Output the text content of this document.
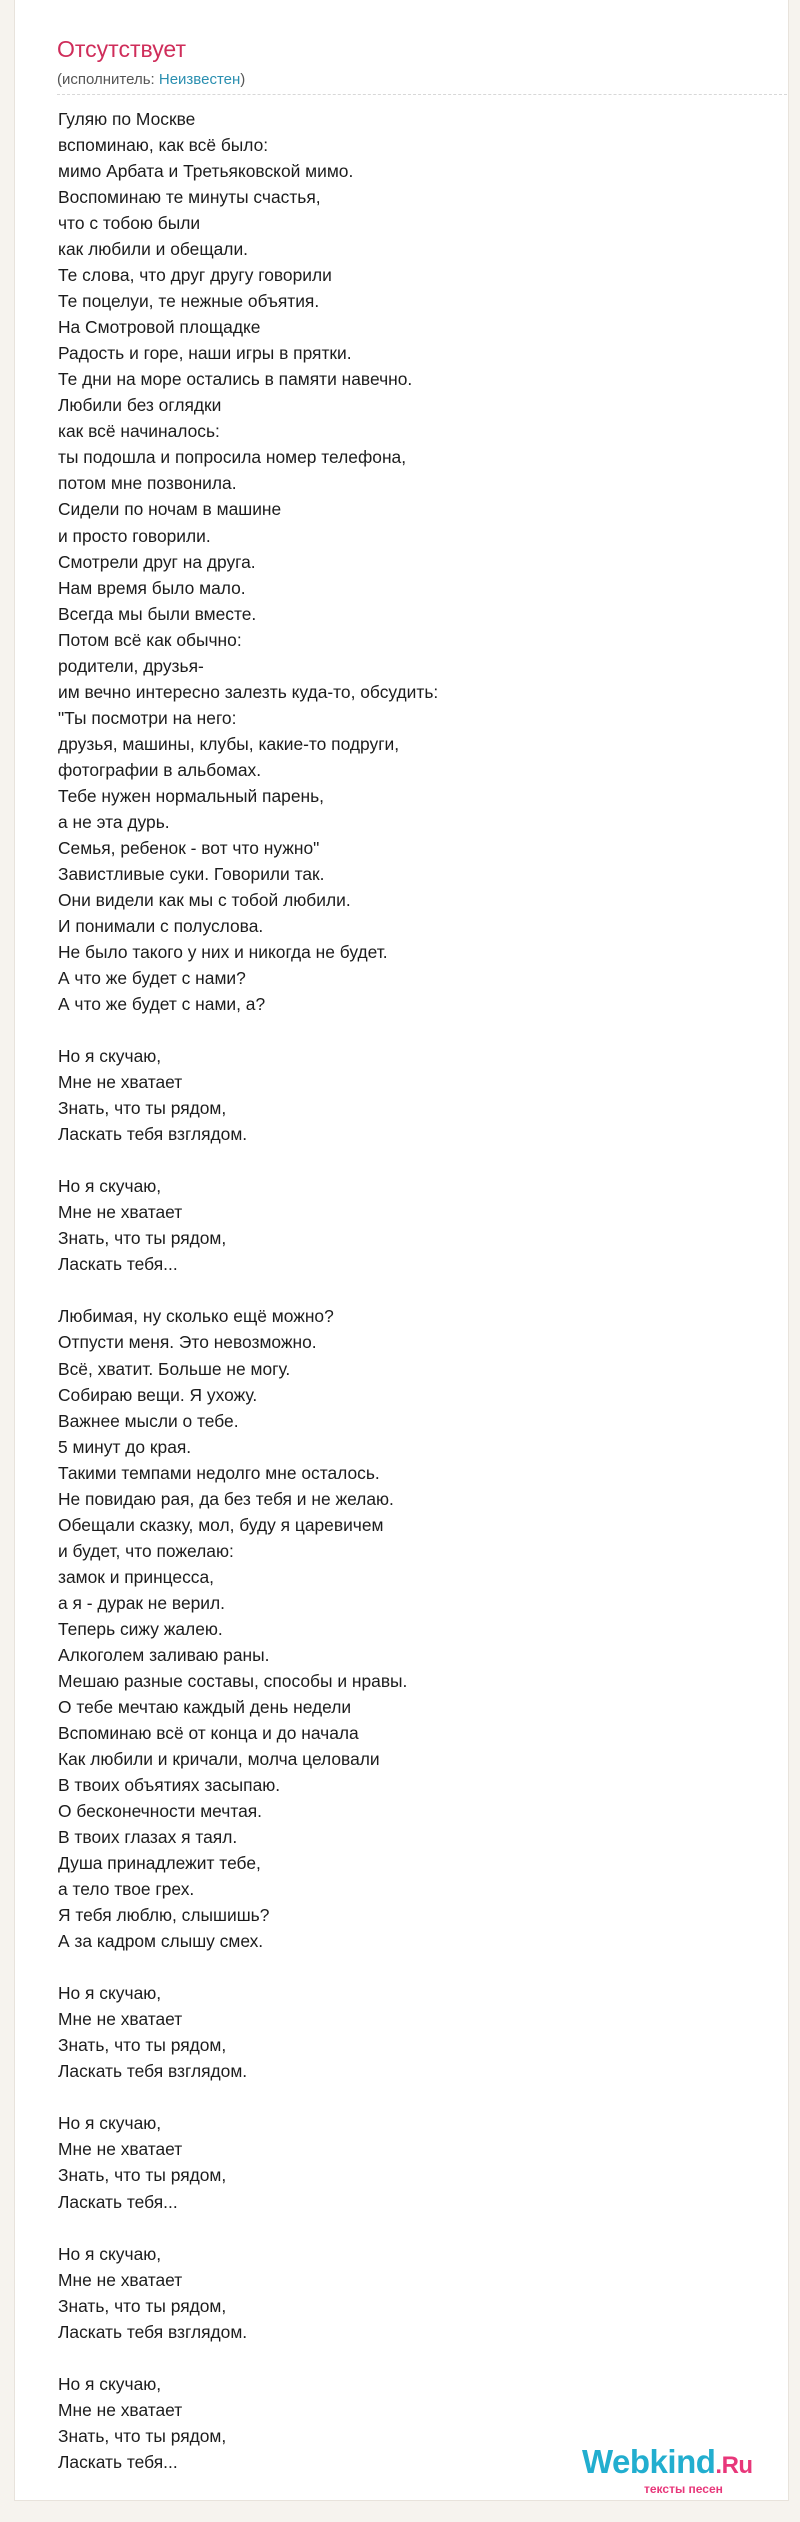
Отсутствует
(исполнитель: Неизвестен)
Гуляю по Москве
вспоминаю, как всё было:
мимо Арбата и Третьяковской мимо.
Воспоминаю те минуты счастья,
что с тобою были
как любили и обещали.
Те слова, что друг другу говорили
Те поцелуи, те нежные объятия.
На Смотровой площадке
Радость и горе, наши игры в прятки.
Те дни на море остались в памяти навечно.
Любили без оглядки
как всё начиналось:
ты подошла и попросила номер телефона,
потом мне позвонила.
Сидели по ночам в машине
и просто говорили.
Смотрели друг на друга.
Нам время было мало.
Всегда мы были вместе.
Потом всё как обычно:
родители, друзья-
им вечно интересно залезть куда-то, обсудить:
"Ты посмотри на него:
друзья, машины, клубы, какие-то подруги,
фотографии в альбомах.
Тебе нужен нормальный парень,
а не эта дурь.
Семья, ребенок - вот что нужно"
Завистливые суки. Говорили так.
Они видели как мы с тобой любили.
И понимали с полуслова.
Не было такого у них и никогда не будет.
А что же будет с нами?
А что же будет с нами, а?
Но я скучаю,
Мне не хватает
Знать, что ты рядом,
Ласкать тебя взглядом.
Но я скучаю,
Мне не хватает
Знать, что ты рядом,
Ласкать тебя...
Любимая, ну сколько ещё можно?
Отпусти меня. Это невозможно.
Всё, хватит. Больше не могу.
Собираю вещи. Я ухожу.
Важнее мысли о тебе.
5 минут до края.
Такими темпами недолго мне осталось.
Не повидаю рая, да без тебя и не желаю.
Обещали сказку, мол, буду я царевичем
и будет, что пожелаю:
замок и принцесса,
а я - дурак не верил.
Теперь сижу жалею.
Алкоголем заливаю раны.
Мешаю разные составы, способы и нравы.
О тебе мечтаю каждый день недели
Вспоминаю всё от конца и до начала
Как любили и кричали, молча целовали
В твоих объятиях засыпаю.
О бесконечности мечтая.
В твоих глазах я таял.
Душа принадлежит тебе,
а тело твое грех.
Я тебя люблю, слышишь?
А за кадром слышу смех.
Но я скучаю,
Мне не хватает
Знать, что ты рядом,
Ласкать тебя взглядом.
Но я скучаю,
Мне не хватает
Знать, что ты рядом,
Ласкать тебя...
Но я скучаю,
Мне не хватает
Знать, что ты рядом,
Ласкать тебя взглядом.
Но я скучаю,
Мне не хватает
Знать, что ты рядом,
Ласкать тебя...	Webkind.Ru
тексты песен
